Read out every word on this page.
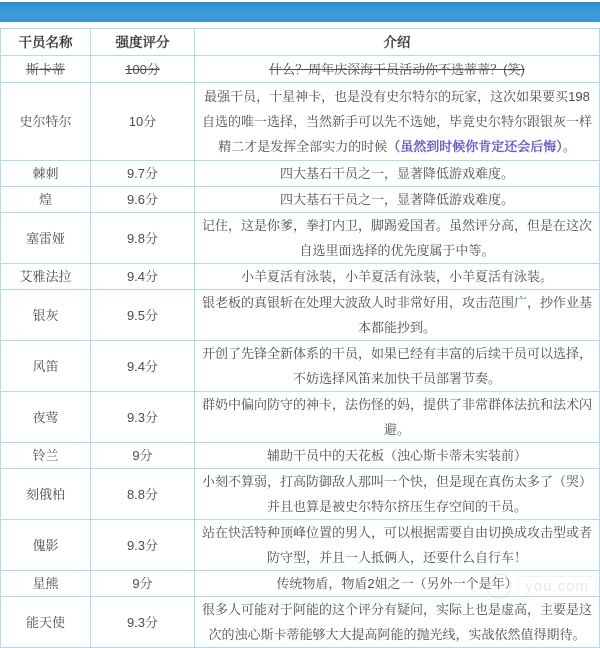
干员名称	强度评分	介绍
斯卡蒂	100分	什么？周年庆深海干员活动你不选蒂蒂？(笑)
史尔特尔	10分	最强干员，十星神卡，也是没有史尔特尔的玩家，这次如果要买198自选的唯一选择，当然新手可以先不选她，毕竟史尔特尔跟银灰一样精二才是发挥全部实力的时候（虽然到时候你肯定还会后悔）。
棘刺	9.7分	四大基石干员之一，显著降低游戏难度。
煌	9.6分	四大基石干员之一，显著降低游戏难度。
塞雷娅	9.8分	记住，这是你爹，拳打内卫，脚踢爱国者。虽然评分高，但是在这次自选里面选择的优先度属于中等。
艾雅法拉	9.4分	小羊夏活有泳装，小羊夏活有泳装，小羊夏活有泳装。
银灰	9.5分	银老板的真银斩在处理大波敌人时非常好用，攻击范围广，抄作业基本都能抄到。
风笛	9.4分	开创了先锋全新体系的干员，如果已经有丰富的后续干员可以选择，不妨选择风笛来加快干员部署节奏。
夜莺	9.3分	群奶中偏向防守的神卡，法伤怪的妈，提供了非常群体法抗和法术闪避。
铃兰	9分	辅助干员中的天花板（浊心斯卡蒂未实装前）
刻俄柏	8.8分	小刻不算弱，打高防御敌人那叫一个快，但是现在真伤太多了（哭）并且也算是被史尔特尔挤压生存空间的干员。
傀影	9.3分	站在快活特种顶峰位置的男人，可以根据需要自由切换成攻击型或者防守型，并且一人抵俩人，还要什么自行车！
星熊	9分	传统物盾，物盾2姐之一（另外一个是年）
能天使	9.3分	很多人可能对于阿能的这个评分有疑问，实际上也是虚高，主要是这次的浊心斯卡蒂能够大大提高阿能的抛光线，实战依然值得期待。
you.com
